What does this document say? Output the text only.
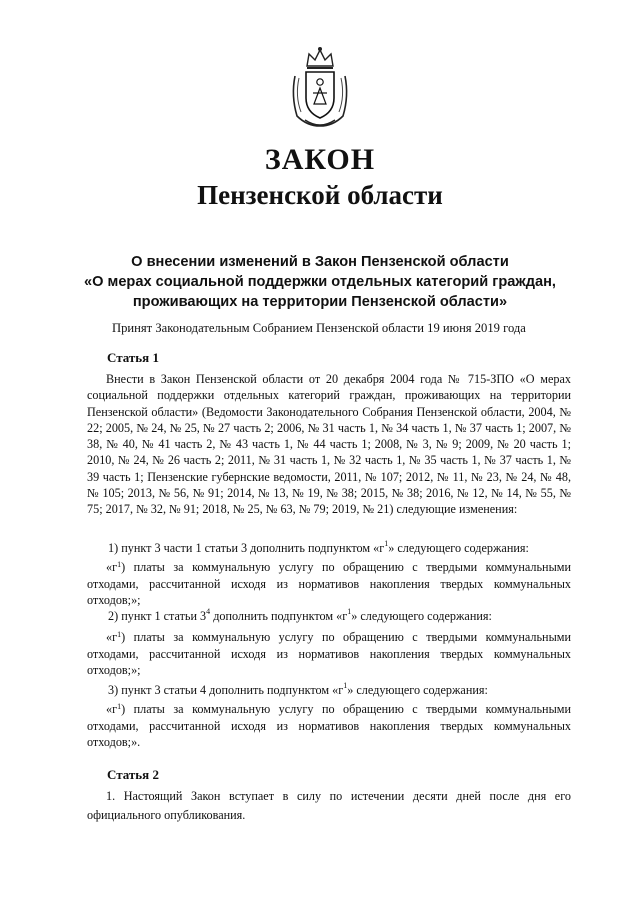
ЗАКОН
Пензенской области
О внесении изменений в Закон Пензенской области
«О мерах социальной поддержки отдельных категорий граждан,
проживающих на территории Пензенской области»
Принят Законодательным Собранием Пензенской области 19 июня 2019 года
Статья 1
Внести в Закон Пензенской области от 20 декабря 2004 года № 715-ЗПО «О мерах социальной поддержки отдельных категорий граждан, проживающих на территории Пензенской области» (Ведомости Законодательного Собрания Пензенской области, 2004, № 22; 2005, № 24, № 25, № 27 часть 2; 2006, № 31 часть 1, № 34 часть 1, № 37 часть 1; 2007, № 38, № 40, № 41 часть 2, № 43 часть 1, № 44 часть 1; 2008, № 3, № 9; 2009, № 20 часть 1; 2010, № 24, № 26 часть 2; 2011, № 31 часть 1, № 32 часть 1, № 35 часть 1, № 37 часть 1, № 39 часть 1; Пензенские губернские ведомости, 2011, № 107; 2012, № 11, № 23, № 24, № 48, № 105; 2013, № 56, № 91; 2014, № 13, № 19, № 38; 2015, № 38; 2016, № 12, № 14, № 55, № 75; 2017, № 32, № 91; 2018, № 25, № 63, № 79; 2019, № 21) следующие изменения:
1) пункт 3 части 1 статьи 3 дополнить подпунктом «$г^1$» следующего содержания:
«$г^1$) платы за коммунальную услугу по обращению с твердыми коммунальными отходами, рассчитанной исходя из нормативов накопления твердых коммунальных отходов;»;
2) пункт 1 статьи $3^4$ дополнить подпунктом «$г^1$» следующего содержания:
«$г^1$) платы за коммунальную услугу по обращению с твердыми коммунальными отходами, рассчитанной исходя из нормативов накопления твердых коммунальных отходов;»;
3) пункт 3 статьи 4 дополнить подпунктом «$г^1$» следующего содержания:
«$г^1$) платы за коммунальную услугу по обращению с твердыми коммунальными отходами, рассчитанной исходя из нормативов накопления твердых коммунальных отходов;».
Статья 2
1. Настоящий Закон вступает в силу по истечении десяти дней после дня его официального опубликования.
